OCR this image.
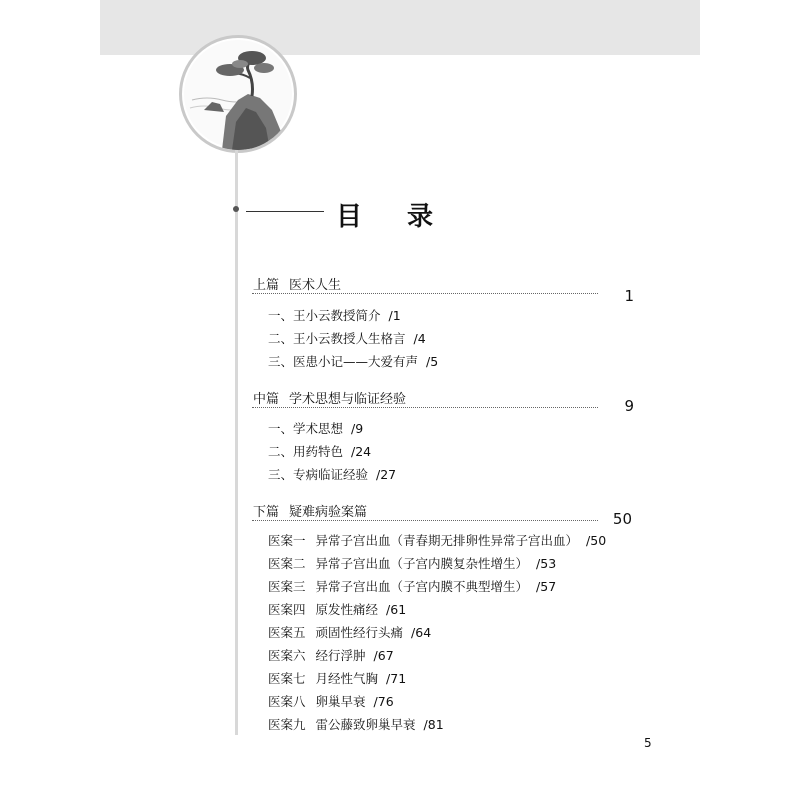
目 录
上篇 医术人生
1
一、王小云教授简介 /1
二、王小云教授人生格言 /4
三、医患小记——大爱有声 /5
中篇 学术思想与临证经验	9
一、学术思想 /9
二、用药特色 /24
三、专病临证经验 /27
下篇 疑难病验案篇	50
医案一 异常子宫出血（青春期无排卵性异常子宫出血） /50
医案二 异常子宫出血（子宫内膜复杂性增生） /53
医案三 异常子宫出血（子宫内膜不典型增生） /57
医案四 原发性痛经 /61
医案五 顽固性经行头痛 /64
医案六 经行浮肿 /67
医案七 月经性气胸 /71
医案八 卵巢早衰 /76
医案九 雷公藤致卵巢早衰 /81
5
